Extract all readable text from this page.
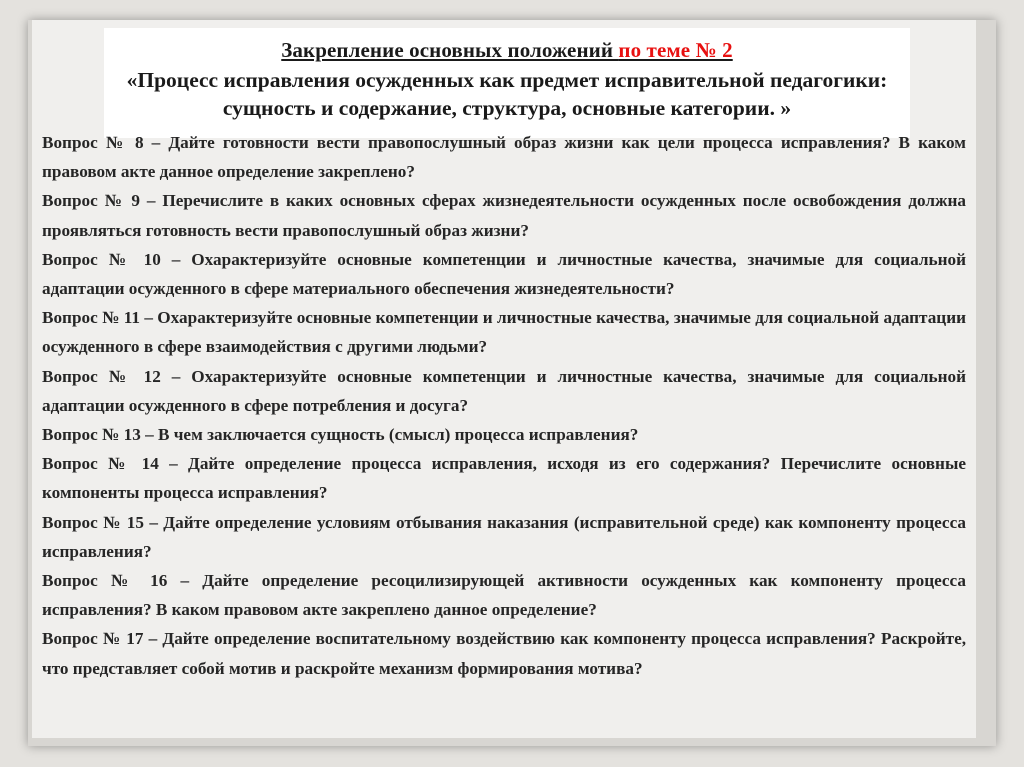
Закрепление основных положений по теме № 2
«Процесс исправления осужденных как предмет исправительной педагогики: сущность и содержание, структура, основные категории. »

Вопрос № 8 – Дайте готовности вести правопослушный образ жизни как цели процесса исправления? В каком правовом акте данное определение закреплено?

Вопрос № 9 – Перечислите в каких основных сферах жизнедеятельности осужденных после освобождения должна проявляться готовность вести правопослушный образ жизни?

Вопрос № 10 – Охарактеризуйте основные компетенции и личностные качества, значимые для социальной адаптации осужденного в сфере материального обеспечения жизнедеятельности?

Вопрос № 11 – Охарактеризуйте основные компетенции и личностные качества, значимые для социальной адаптации осужденного в сфере взаимодействия с другими людьми?

Вопрос № 12 – Охарактеризуйте основные компетенции и личностные качества, значимые для социальной адаптации осужденного в сфере потребления и досуга?

Вопрос № 13 – В чем заключается сущность (смысл) процесса исправления?

Вопрос № 14 – Дайте определение процесса исправления, исходя из его содержания? Перечислите основные компоненты процесса исправления?

Вопрос № 15 – Дайте определение условиям отбывания наказания (исправительной среде) как компоненту процесса исправления?

Вопрос № 16 – Дайте определение ресоцилизирующей активности осужденных как компоненту процесса исправления? В каком правовом акте закреплено данное определение?

Вопрос № 17 – Дайте определение воспитательному воздействию как компоненту процесса исправления? Раскройте, что представляет собой мотив и раскройте механизм формирования мотива?
